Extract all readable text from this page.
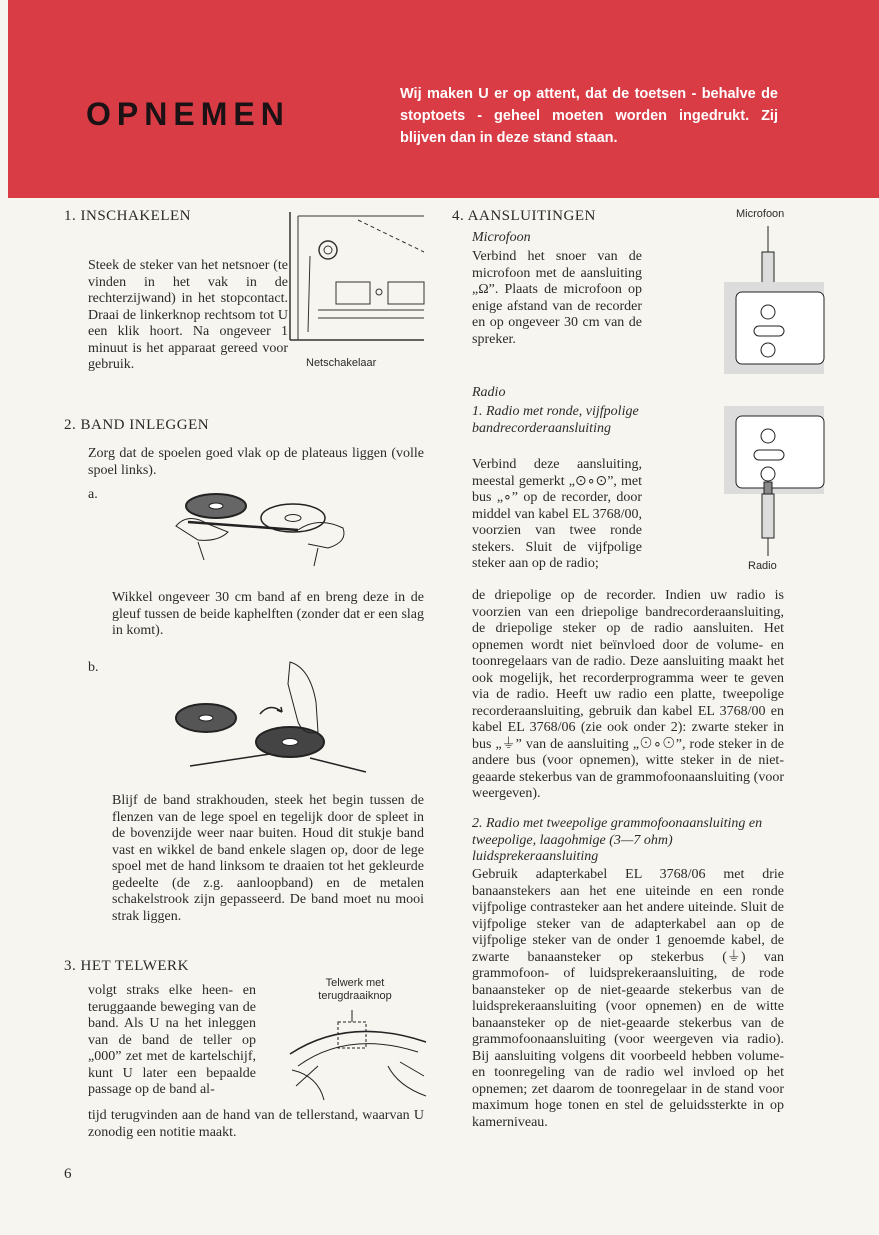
OPNEMEN

Wij maken U er op attent, dat de toetsen - behalve de stoptoets - geheel moeten worden ingedrukt. Zij blijven dan in deze stand staan.

1. INSCHAKELEN

Steek de steker van het netsnoer (te vinden in het vak in de rechterzijwand) in het stopcontact. Draai de linkerknop rechtsom tot U een klik hoort. Na ongeveer 1 minuut is het apparaat gereed voor gebruik.	Netschakelaar

2. BAND INLEGGEN

Zorg dat de spoelen goed vlak op de plateaus liggen (volle spoel links).

a.

Wikkel ongeveer 30 cm band af en breng deze in de gleuf tussen de beide kaphelften (zonder dat er een slag in komt).

b.

Blijf de band strakhouden, steek het begin tussen de flenzen van de lege spoel en tegelijk door de spleet in de bovenzijde weer naar buiten. Houd dit stukje band vast en wikkel de band enkele slagen op, door de lege spoel met de hand linksom te draaien tot het gekleurde gedeelte (de z.g. aanloopband) en de metalen schakelstrook zijn gepasseerd. De band moet nu mooi strak liggen.

3. HET TELWERK

volgt straks elke heen- en teruggaande beweging van de band. Als U na het inleggen van de band de teller op „000” zet met de kartelschijf, kunt U later een bepaalde passage op de band al-

tijd terugvinden aan de hand van de tellerstand, waarvan U zonodig een notitie maakt.

Telwerk met terugdraaiknop

4. AANSLUITINGEN

Microfoon

Verbind het snoer van de microfoon met de aansluiting „Ω”. Plaats de microfoon op enige afstand van de recorder en op ongeveer 30 cm van de spreker.

Microfoon

Radio

1. Radio met ronde, vijfpolige bandrecorderaansluiting

Verbind deze aansluiting, meestal gemerkt „⊙∘⊙”, met bus „∘” op de recorder, door middel van kabel EL 3768/00, voorzien van twee ronde stekers. Sluit de vijfpolige steker aan op de radio;	Radio

de driepolige op de recorder. Indien uw radio is voorzien van een driepolige bandrecorderaansluiting, de driepolige steker op de radio aansluiten. Het opnemen wordt niet beïnvloed door de volume- en toonregelaars van de radio. Deze aansluiting maakt het ook mogelijk, het recorderprogramma weer te geven via de radio. Heeft uw radio een platte, tweepolige recorderaansluiting, gebruik dan kabel EL 3768/00 en kabel EL 3768/06 (zie ook onder 2): zwarte steker in bus „⏚” van de aansluiting „⊙∘⊙”, rode steker in de andere bus (voor opnemen), witte steker in de niet-geaarde stekerbus van de grammofoonaansluiting (voor weergeven).

2. Radio met tweepolige grammofoonaansluiting en tweepolige, laagohmige (3—7 ohm) luidsprekeraansluiting

Gebruik adapterkabel EL 3768/06 met drie banaanstekers aan het ene uiteinde en een ronde vijfpolige contrasteker aan het andere uiteinde. Sluit de vijfpolige steker van de adapterkabel aan op de vijfpolige steker van de onder 1 genoemde kabel, de zwarte banaansteker op stekerbus (⏚) van grammofoon- of luidsprekeraansluiting, de rode banaansteker op de niet-geaarde stekerbus van de luidsprekeraansluiting (voor opnemen) en de witte banaansteker op de niet-geaarde stekerbus van de grammofoonaansluiting (voor weergeven via radio). Bij aansluiting volgens dit voorbeeld hebben volume- en toonregeling van de radio wel invloed op het opnemen; zet daarom de toonregelaar in de stand voor maximum hoge tonen en stel de geluidssterkte in op kamerniveau.

6
